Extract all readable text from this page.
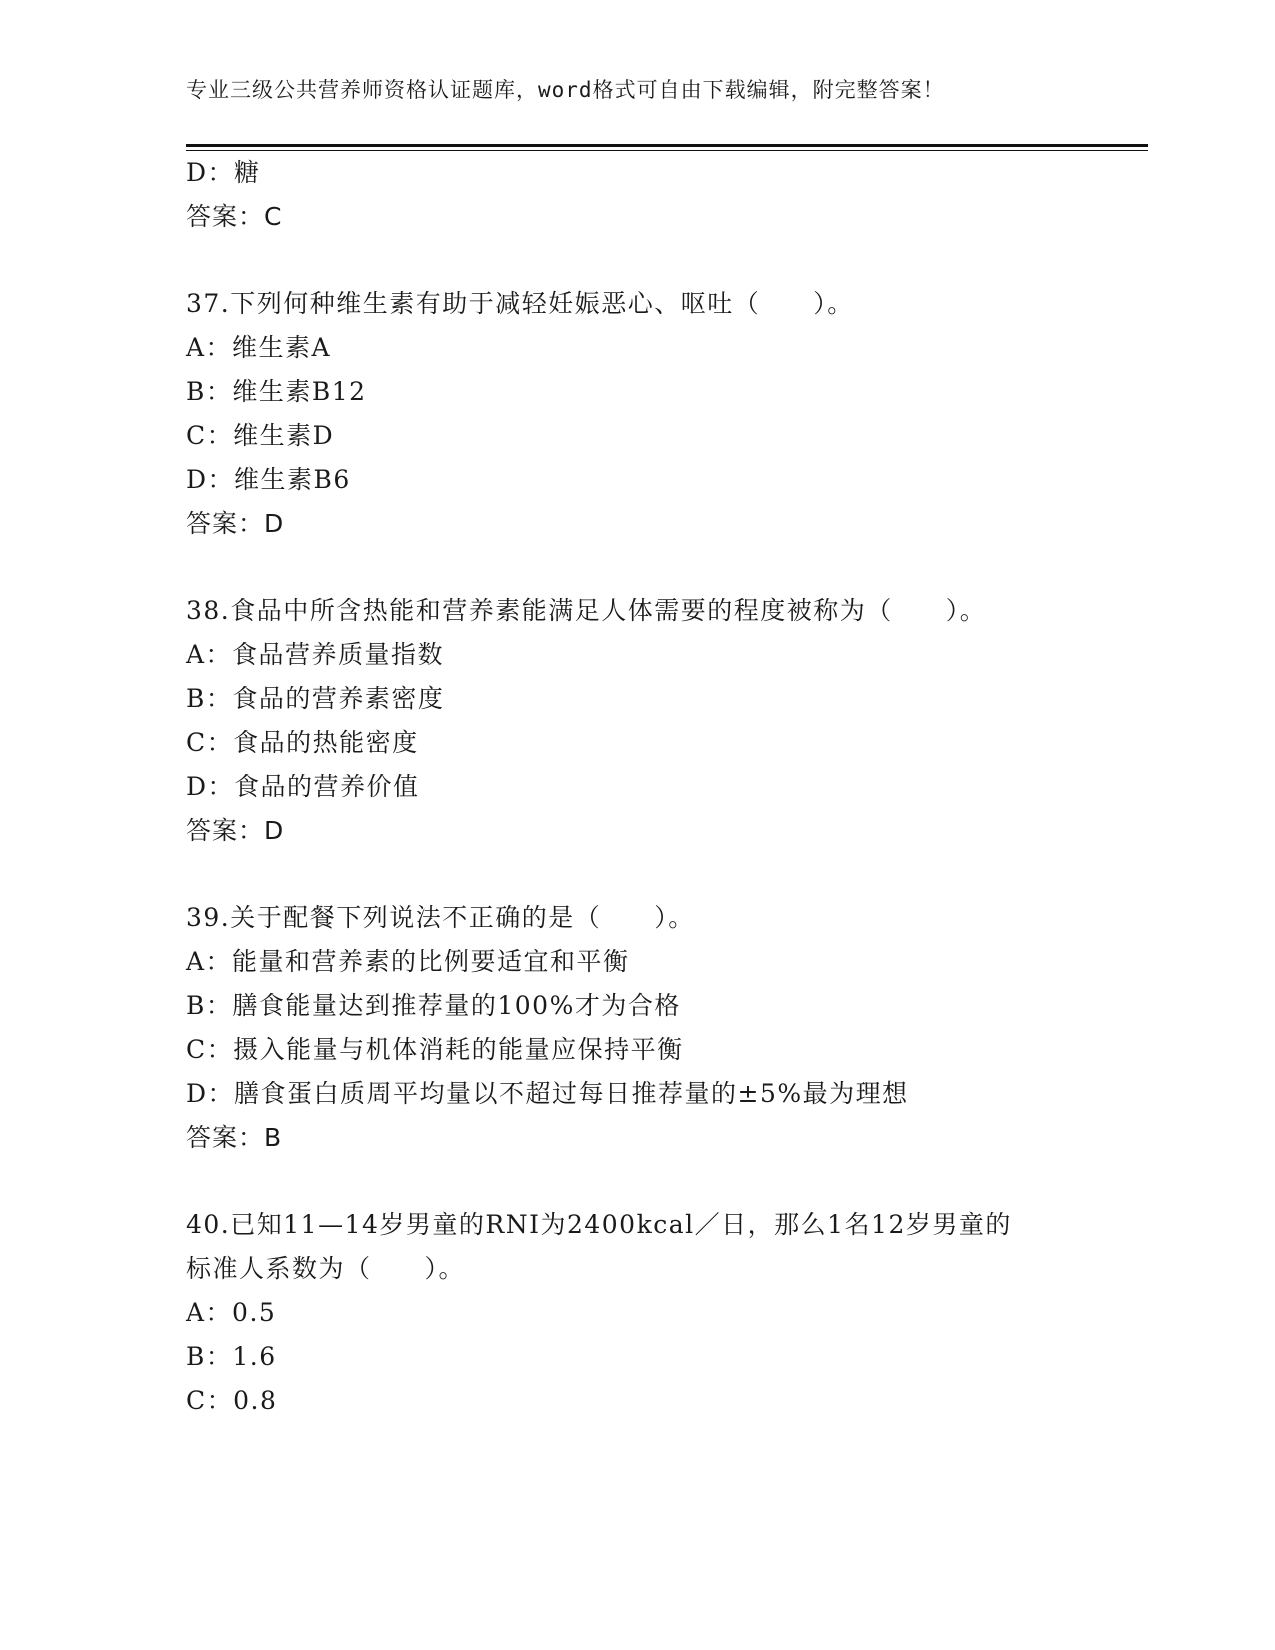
专业三级公共营养师资格认证题库，word格式可自由下载编辑，附完整答案！
D：糖
答案：C
37.下列何种维生素有助于减轻妊娠恶心、呕吐（　　）。
A：维生素A
B：维生素B12
C：维生素D
D：维生素B6
答案：D
38.食品中所含热能和营养素能满足人体需要的程度被称为（　　）。
A：食品营养质量指数
B：食品的营养素密度
C：食品的热能密度
D：食品的营养价值
答案：D
39.关于配餐下列说法不正确的是（　　）。
A：能量和营养素的比例要适宜和平衡
B：膳食能量达到推荐量的100%才为合格
C：摄入能量与机体消耗的能量应保持平衡
D：膳食蛋白质周平均量以不超过每日推荐量的±5%最为理想
答案：B
40.已知11—14岁男童的RNI为2400kcal／日，那么1名12岁男童的
标准人系数为（　　）。
A：0.5
B：1.6
C：0.8
